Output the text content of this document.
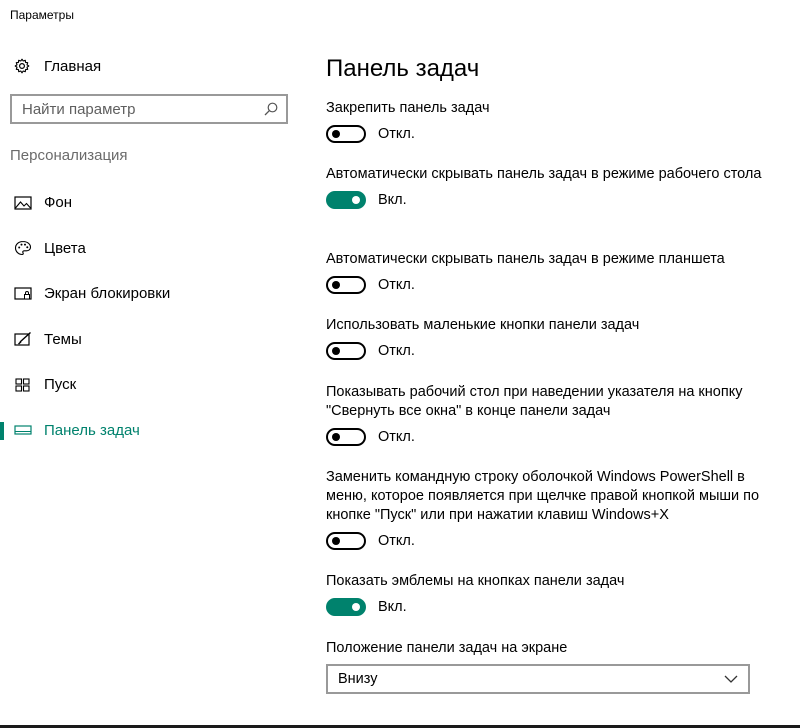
Параметры
Главная
Найти параметр
Персонализация
Фон
Цвета
Экран блокировки
Темы
Пуск
Панель задач
Панель задач
Закрепить панель задач
Откл.
Автоматически скрывать панель задач в режиме рабочего стола
Вкл.
Автоматически скрывать панель задач в режиме планшета
Откл.
Использовать маленькие кнопки панели задач
Откл.
Показывать рабочий стол при наведении указателя на кнопку "Свернуть все окна" в конце панели задач
Откл.
Заменить командную строку оболочкой Windows PowerShell в меню, которое появляется при щелчке правой кнопкой мыши по кнопке "Пуск" или при нажатии клавиш Windows+X
Откл.
Показать эмблемы на кнопках панели задач
Вкл.
Положение панели задач на экране
Внизу
